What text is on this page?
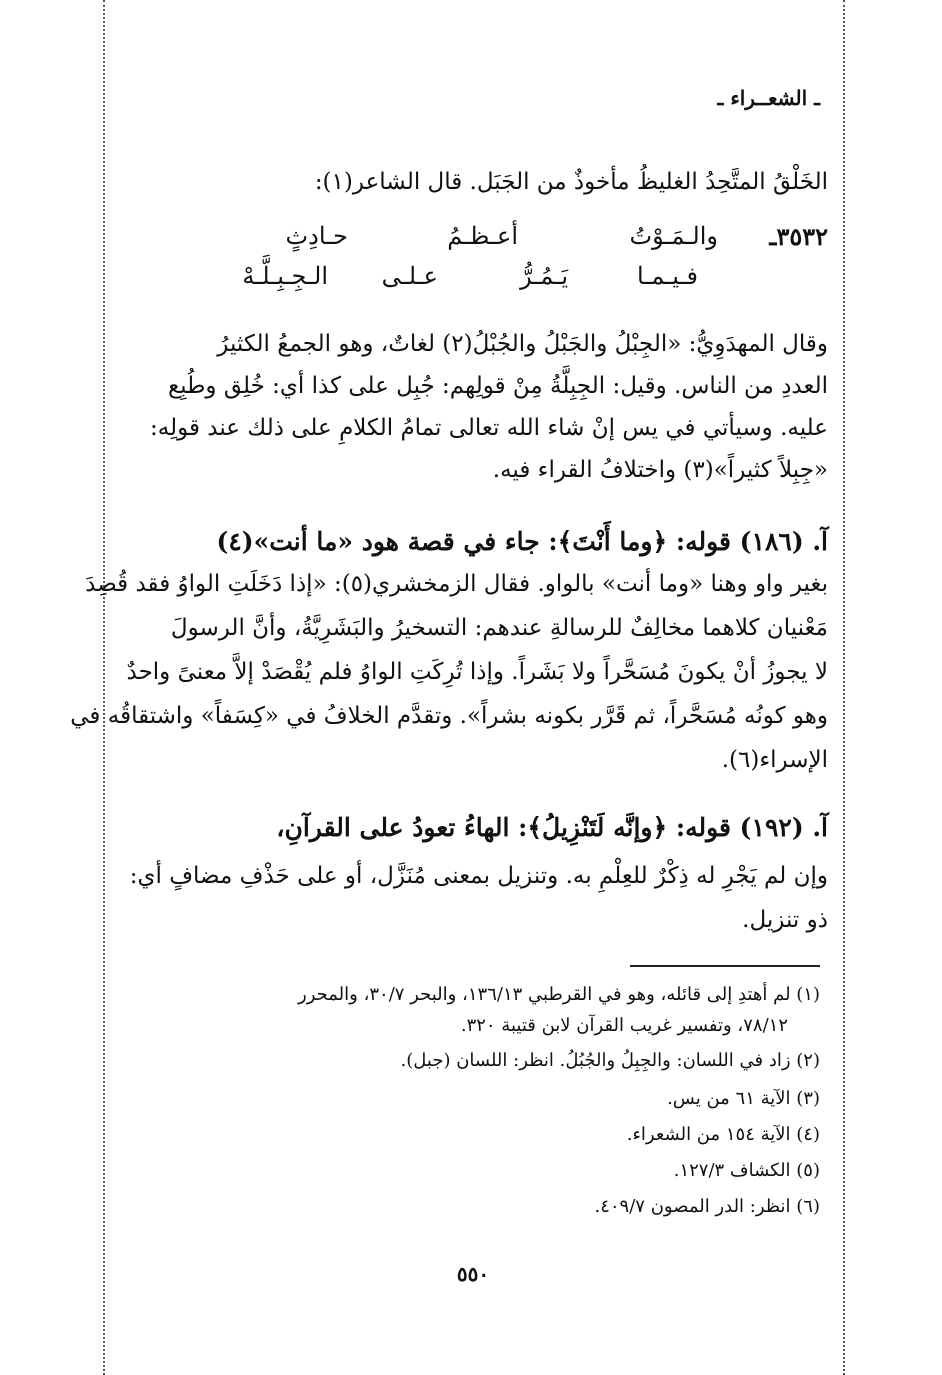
ـ الشعــراء ـ
الخَلْقُ المتَّحِدُ الغليظُ مأخوذٌ من الجَبَل. قال الشاعر(١):
٣٥٣٢ـ
والـمَـوْتُ
أعـظـمُ
حـادِثٍ
فـيـمـا
يَـمُـرُّ
عـلـى
الـجِـبِـلَّـهْ
وقال المهدَوِيُّ: «الجِبْلُ والجَبْلُ والجُبْلُ(٢) لغاتٌ، وهو الجمعُ الكثيرُ
العددِ من الناس. وقيل: الجِبِلَّةُ مِنْ قولِهم: جُبِل على كذا أي: خُلِق وطُبِع
عليه. وسيأتي في يس إنْ شاء الله تعالى تمامُ الكلامِ على ذلك عند قولِه:
«جِبِلاً كثيراً»(٣) واختلافُ القراء فيه.
آ. (١٨٦) قوله: ﴿وما أَنْتَ﴾: جاء في قصة هود «ما أنت»(٤)
بغير واو وهنا «وما أنت» بالواو. فقال الزمخشري(٥): «إذا دَخَلَتِ الواوُ فقد قُصِدَ
مَعْنيان كلاهما مخالِفٌ للرسالةِ عندهم: التسخيرُ والبَشَرِيَّةُ، وأنَّ الرسولَ
لا يجوزُ أنْ يكونَ مُسَحَّراً ولا بَشَراً. وإذا تُرِكَتِ الواوُ فلم يُقْصَدْ إلاَّ معنىً واحدٌ
وهو كونُه مُسَحَّراً، ثم قَرَّر بكونه بشراً». وتقدَّم الخلافُ في «كِسَفاً» واشتقاقُه في
الإسراء(٦).
آ. (١٩٢) قوله: ﴿وإنَّه لَتَنْزِيلُ﴾: الهاءُ تعودُ على القرآنِ،
وإن لم يَجْرِ له ذِكْرٌ للعِلْمِ به. وتنزيل بمعنى مُنَزَّل، أو على حَذْفِ مضافٍ أي:
ذو تنزيل.
(١) لم أهتدِ إلى قائله، وهو في القرطبي ١٣٦/١٣، والبحر ٣٠/٧، والمحرر
٧٨/١٢، وتفسير غريب القرآن لابن قتيبة ٣٢٠.
(٢) زاد في اللسان: والجِبِلُ والجُبُلُ. انظر: اللسان (جبل).
(٣) الآية ٦١ من يس.
(٤) الآية ١٥٤ من الشعراء.
(٥) الكشاف ١٢٧/٣.
(٦) انظر: الدر المصون ٤٠٩/٧.
٥٥٠
